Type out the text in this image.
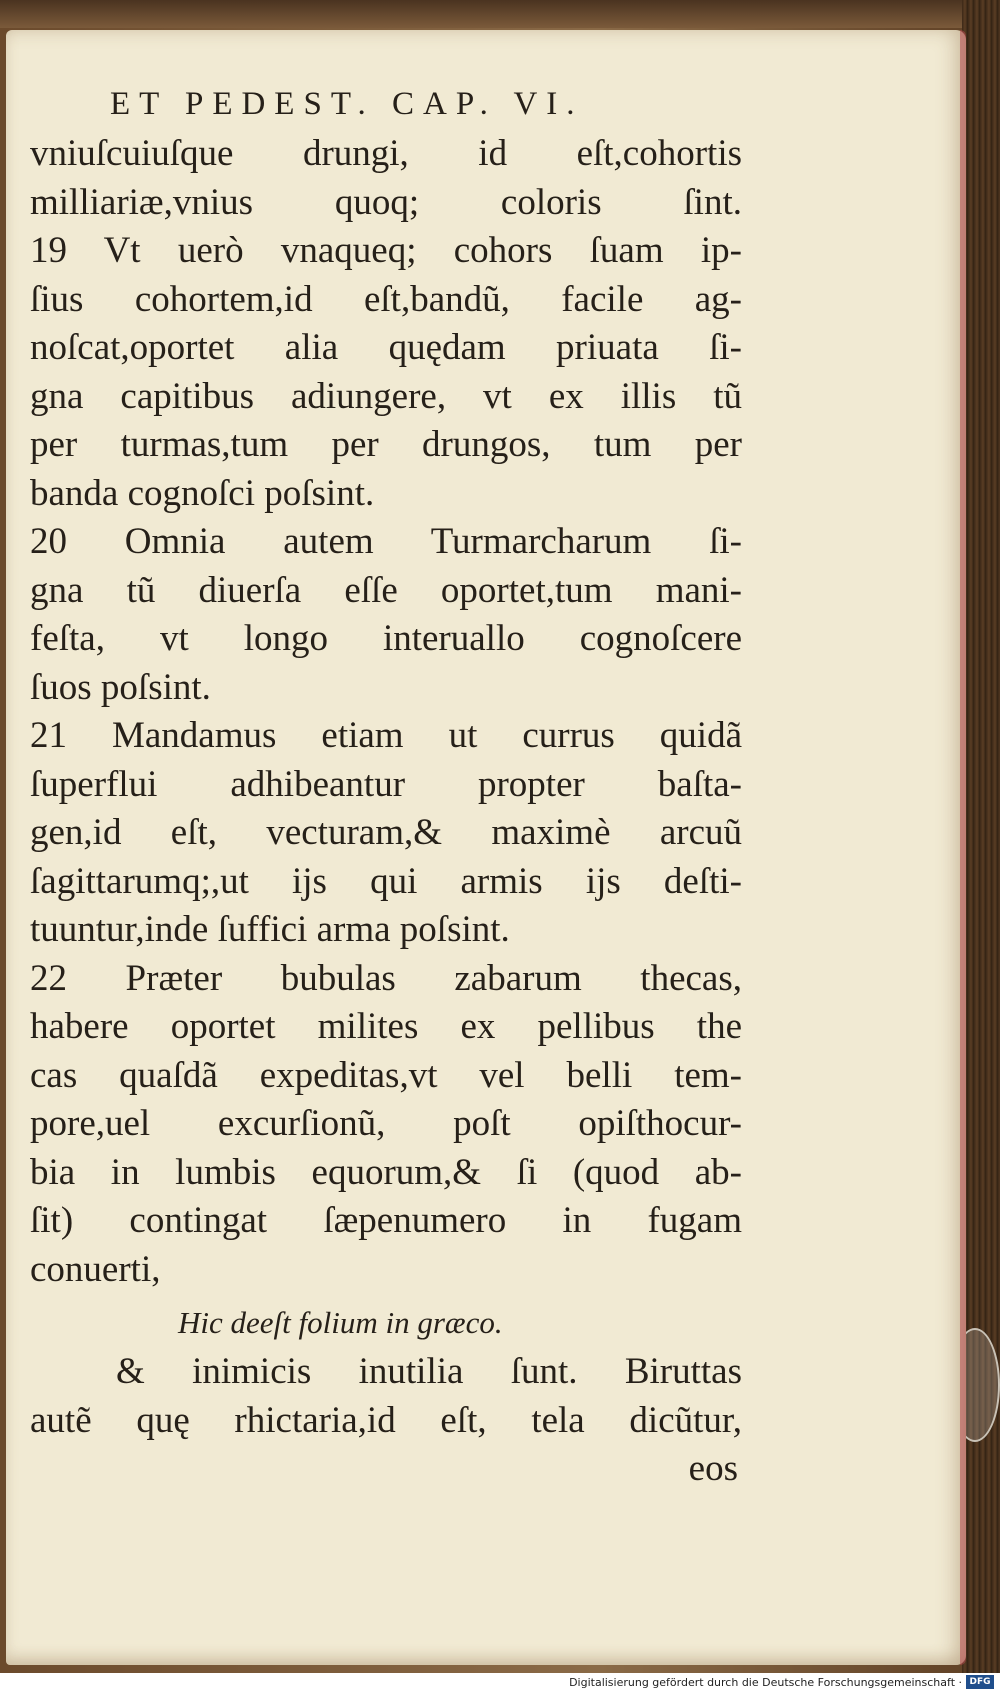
ET PEDEST. CAP. VI.
vniuſcuiuſque drungi, id eſt,cohortis
milliariæ,vnius quoq; coloris ſint.
19 Vt uerò vnaqueq; cohors ſuam ip-
ſius cohortem,id eſt,bandũ, facile ag-
noſcat,oportet alia quędam priuata ſi-
gna capitibus adiungere, vt ex illis tũ
per turmas,tum per drungos, tum per
banda cognoſci poſsint.
20 Omnia autem Turmarcharum ſi-
gna tũ diuerſa eſſe oportet,tum mani-
feſta, vt longo interuallo cognoſcere
ſuos poſsint.
21 Mandamus etiam ut currus quidã
ſuperflui adhibeantur propter baſta-
gen,id eſt, vecturam,& maximè arcuũ
ſagittarumq;,ut ijs qui armis ijs deſti-
tuuntur,inde ſuffici arma poſsint.
22 Præter bubulas zabarum thecas,
habere oportet milites ex pellibus the
cas quaſdã expeditas,vt vel belli tem-
pore,uel excurſionũ, poſt opiſthocur-
bia in lumbis equorum,& ſi (quod ab-
ſit) contingat ſæpenumero in fugam
conuerti,
Hic deeſt folium in græco.
& inimicis inutilia ſunt. Biruttas
autẽ quę rhictaria,id eſt, tela dicũtur,
eos
Digitalisierung gefördert durch die Deutsche Forschungsgemeinschaft · DFG
